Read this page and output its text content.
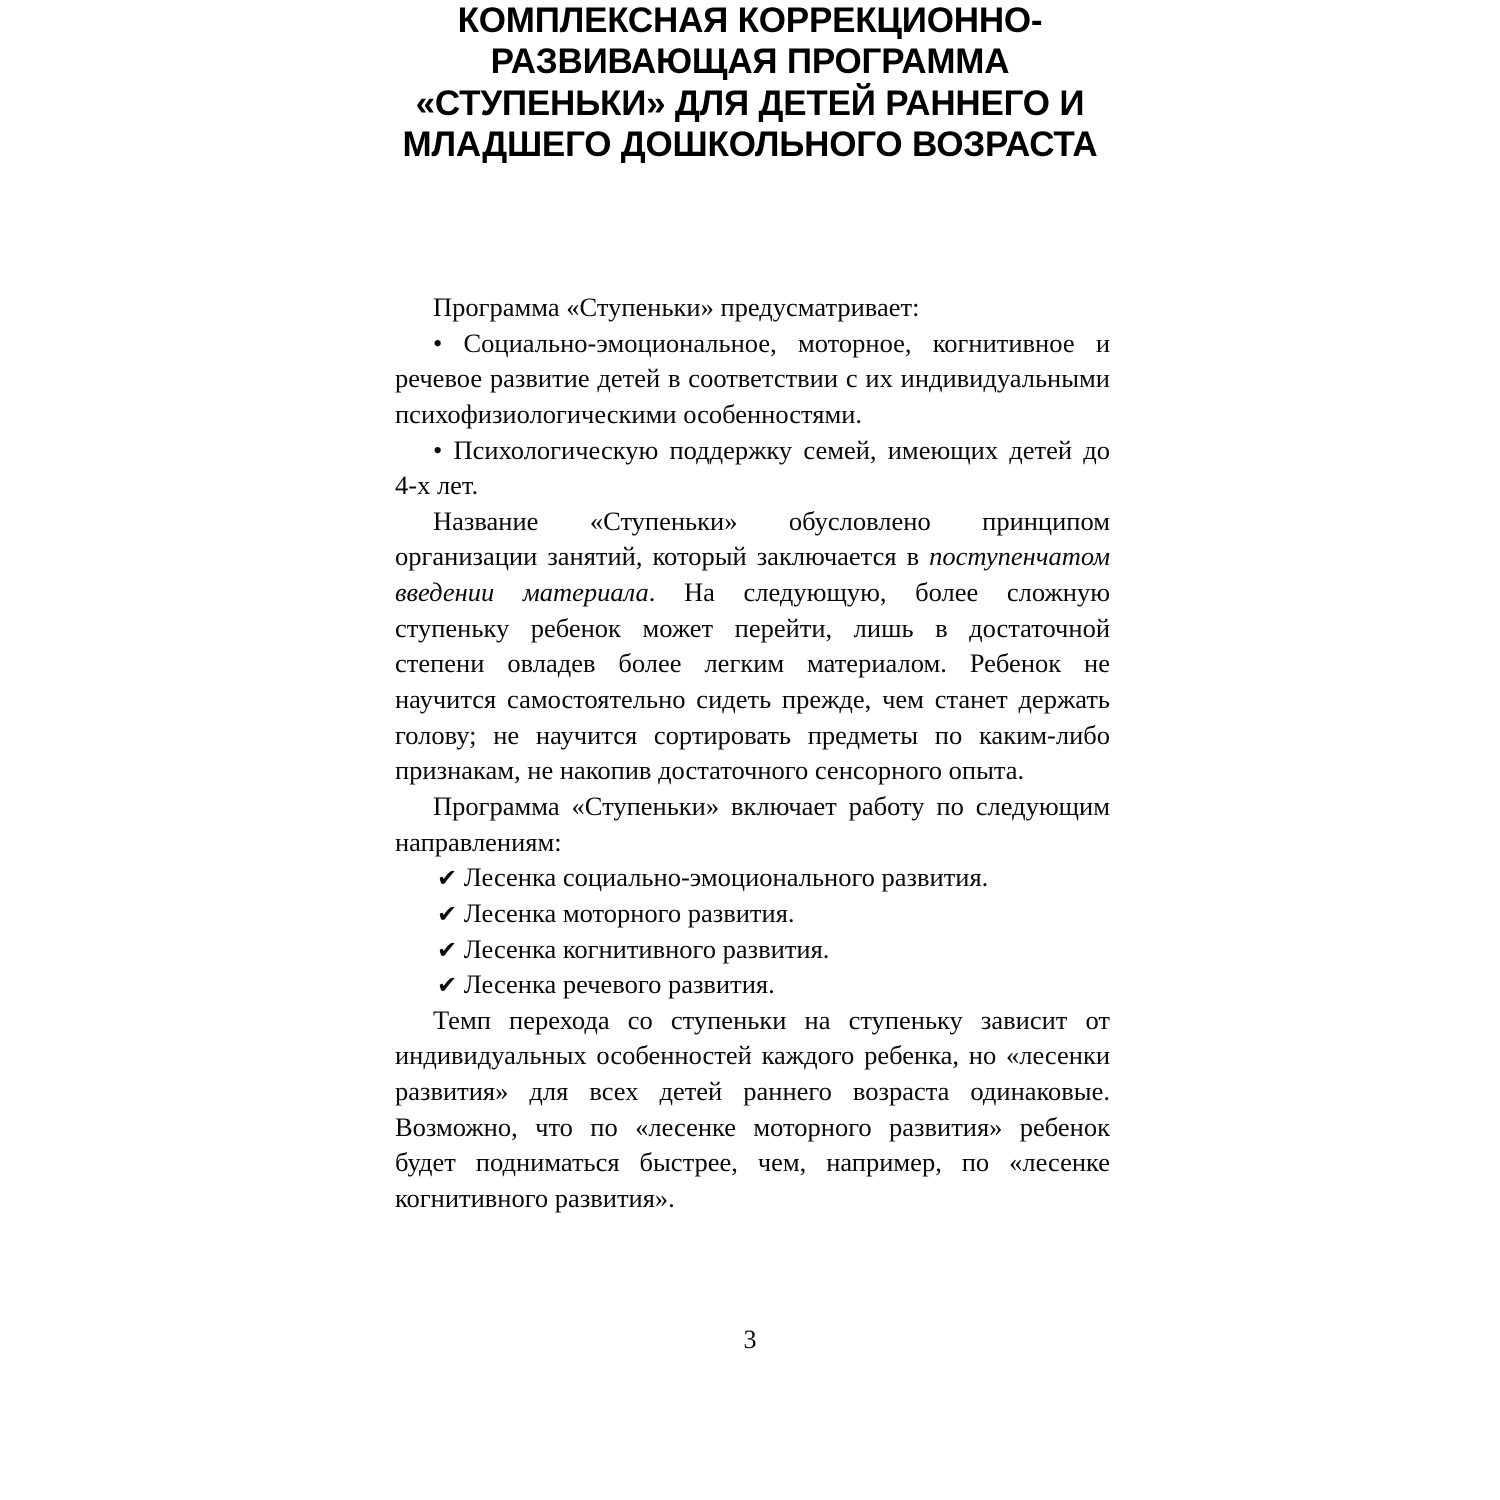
КОМПЛЕКСНАЯ КОРРЕКЦИОННО-
РАЗВИВАЮЩАЯ ПРОГРАММА
«СТУПЕНЬКИ» ДЛЯ ДЕТЕЙ РАННЕГО И
МЛАДШЕГО ДОШКОЛЬНОГО ВОЗРАСТА

Программа «Ступеньки» предусматривает:

• Социально-эмоциональное, моторное, когнитивное и речевое развитие детей в соответствии с их индивидуальными психофизиологическими особенностями.

• Психологическую поддержку семей, имеющих детей до 4-х лет.

Название «Ступеньки» обусловлено принципом организации занятий, который заключается в поступенчатом введении материала. На следующую, более сложную ступеньку ребенок может перейти, лишь в достаточной степени овладев более легким материалом. Ребенок не научится самостоятельно сидеть прежде, чем станет держать голову; не научится сортировать предметы по каким-либо признакам, не накопив достаточного сенсорного опыта.

Программа «Ступеньки» включает работу по следующим направлениям:

✔ Лесенка социально-эмоционального развития.

✔ Лесенка моторного развития.

✔ Лесенка когнитивного развития.

✔ Лесенка речевого развития.

Темп перехода со ступеньки на ступеньку зависит от индивидуальных особенностей каждого ребенка, но «лесенки развития» для всех детей раннего возраста одинаковые. Возможно, что по «лесенке моторного развития» ребенок будет подниматься быстрее, чем, например, по «лесенке когнитивного развития».

3
